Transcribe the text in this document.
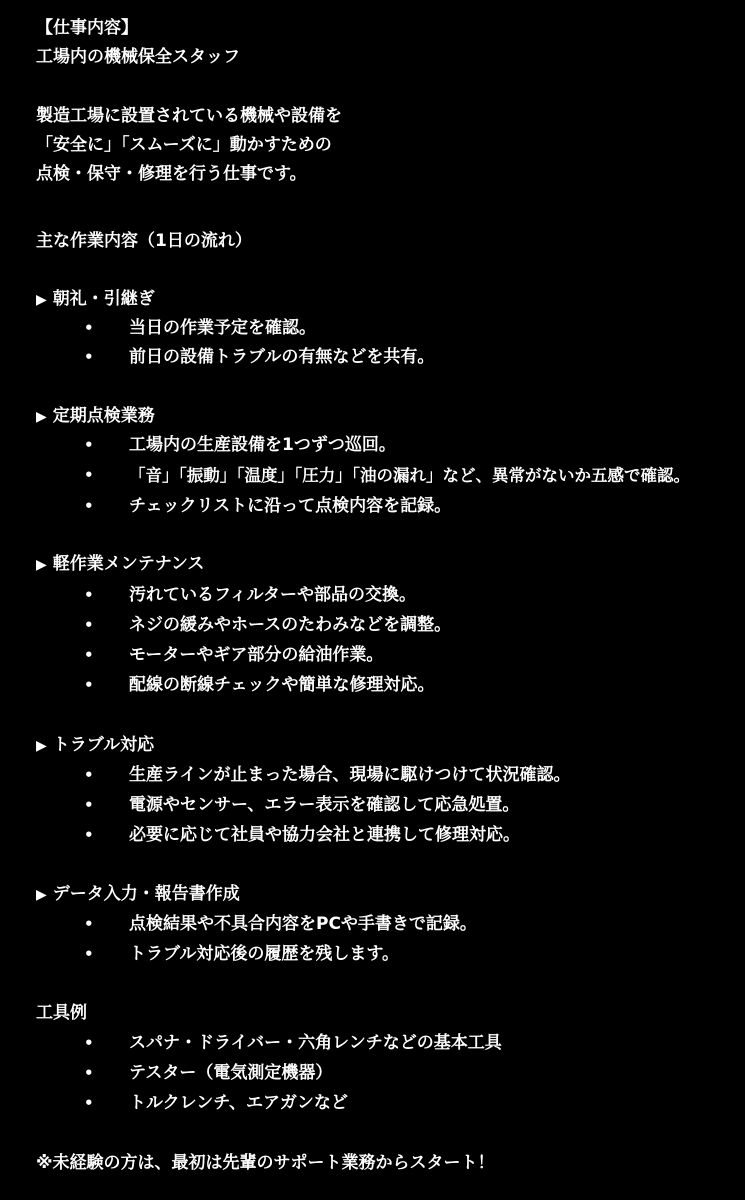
【仕事内容】
工場内の機械保全スタッフ
製造工場に設置されている機械や設備を
「安全に」「スムーズに」動かすための
点検・保守・修理を行う仕事です。
主な作業内容（1日の流れ）
▶ 朝礼・引継ぎ
• 当日の作業予定を確認。
• 前日の設備トラブルの有無などを共有。
▶ 定期点検業務
• 工場内の生産設備を1つずつ巡回。
• 「音」「振動」「温度」「圧力」「油の漏れ」など、異常がないか五感で確認。
• チェックリストに沿って点検内容を記録。
▶ 軽作業メンテナンス
• 汚れているフィルターや部品の交換。
• ネジの緩みやホースのたわみなどを調整。
• モーターやギア部分の給油作業。
• 配線の断線チェックや簡単な修理対応。
▶ トラブル対応
• 生産ラインが止まった場合、現場に駆けつけて状況確認。
• 電源やセンサー、エラー表示を確認して応急処置。
• 必要に応じて社員や協力会社と連携して修理対応。
▶ データ入力・報告書作成
• 点検結果や不具合内容をPCや手書きで記録。
• トラブル対応後の履歴を残します。
工具例
• スパナ・ドライバー・六角レンチなどの基本工具
• テスター（電気測定機器）
• トルクレンチ、エアガンなど
※未経験の方は、最初は先輩のサポート業務からスタート！
